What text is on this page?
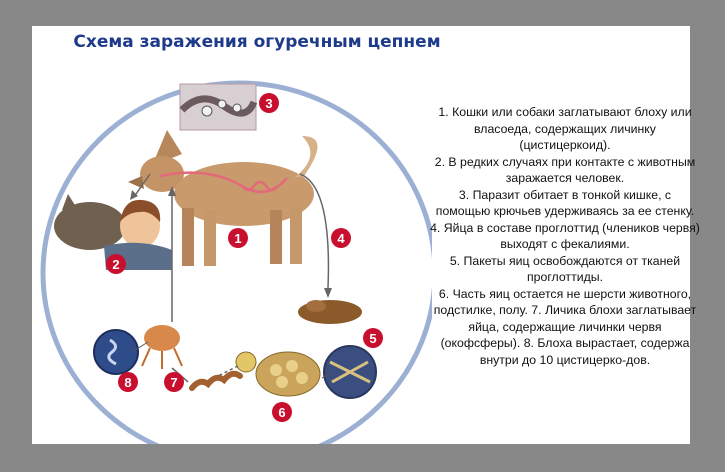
Схема заражения огуречным цепнем
1
2
3
4
5
6
7
8
1. Кошки или собаки заглатывают блоху или власоеда, содержащих личинку (цистицеркоид).
2. В редких случаях при контакте с животным заражается человек.
3. Паразит обитает в тонкой кишке, с помощью крючьев удерживаясь за ее стенку.
4. Яйца в составе проглоттид (члеников червя) выходят с фекалиями.
5. Пакеты яиц освобождаются от тканей проглоттиды.
6. Часть яиц остается не шерсти животного, подстилке, полу. 7. Личика блохи заглатывает яйца, содержащие личинки червя (окофсферы). 8. Блоха вырастает, содержа внутри до 10 цистицерко-дов.
